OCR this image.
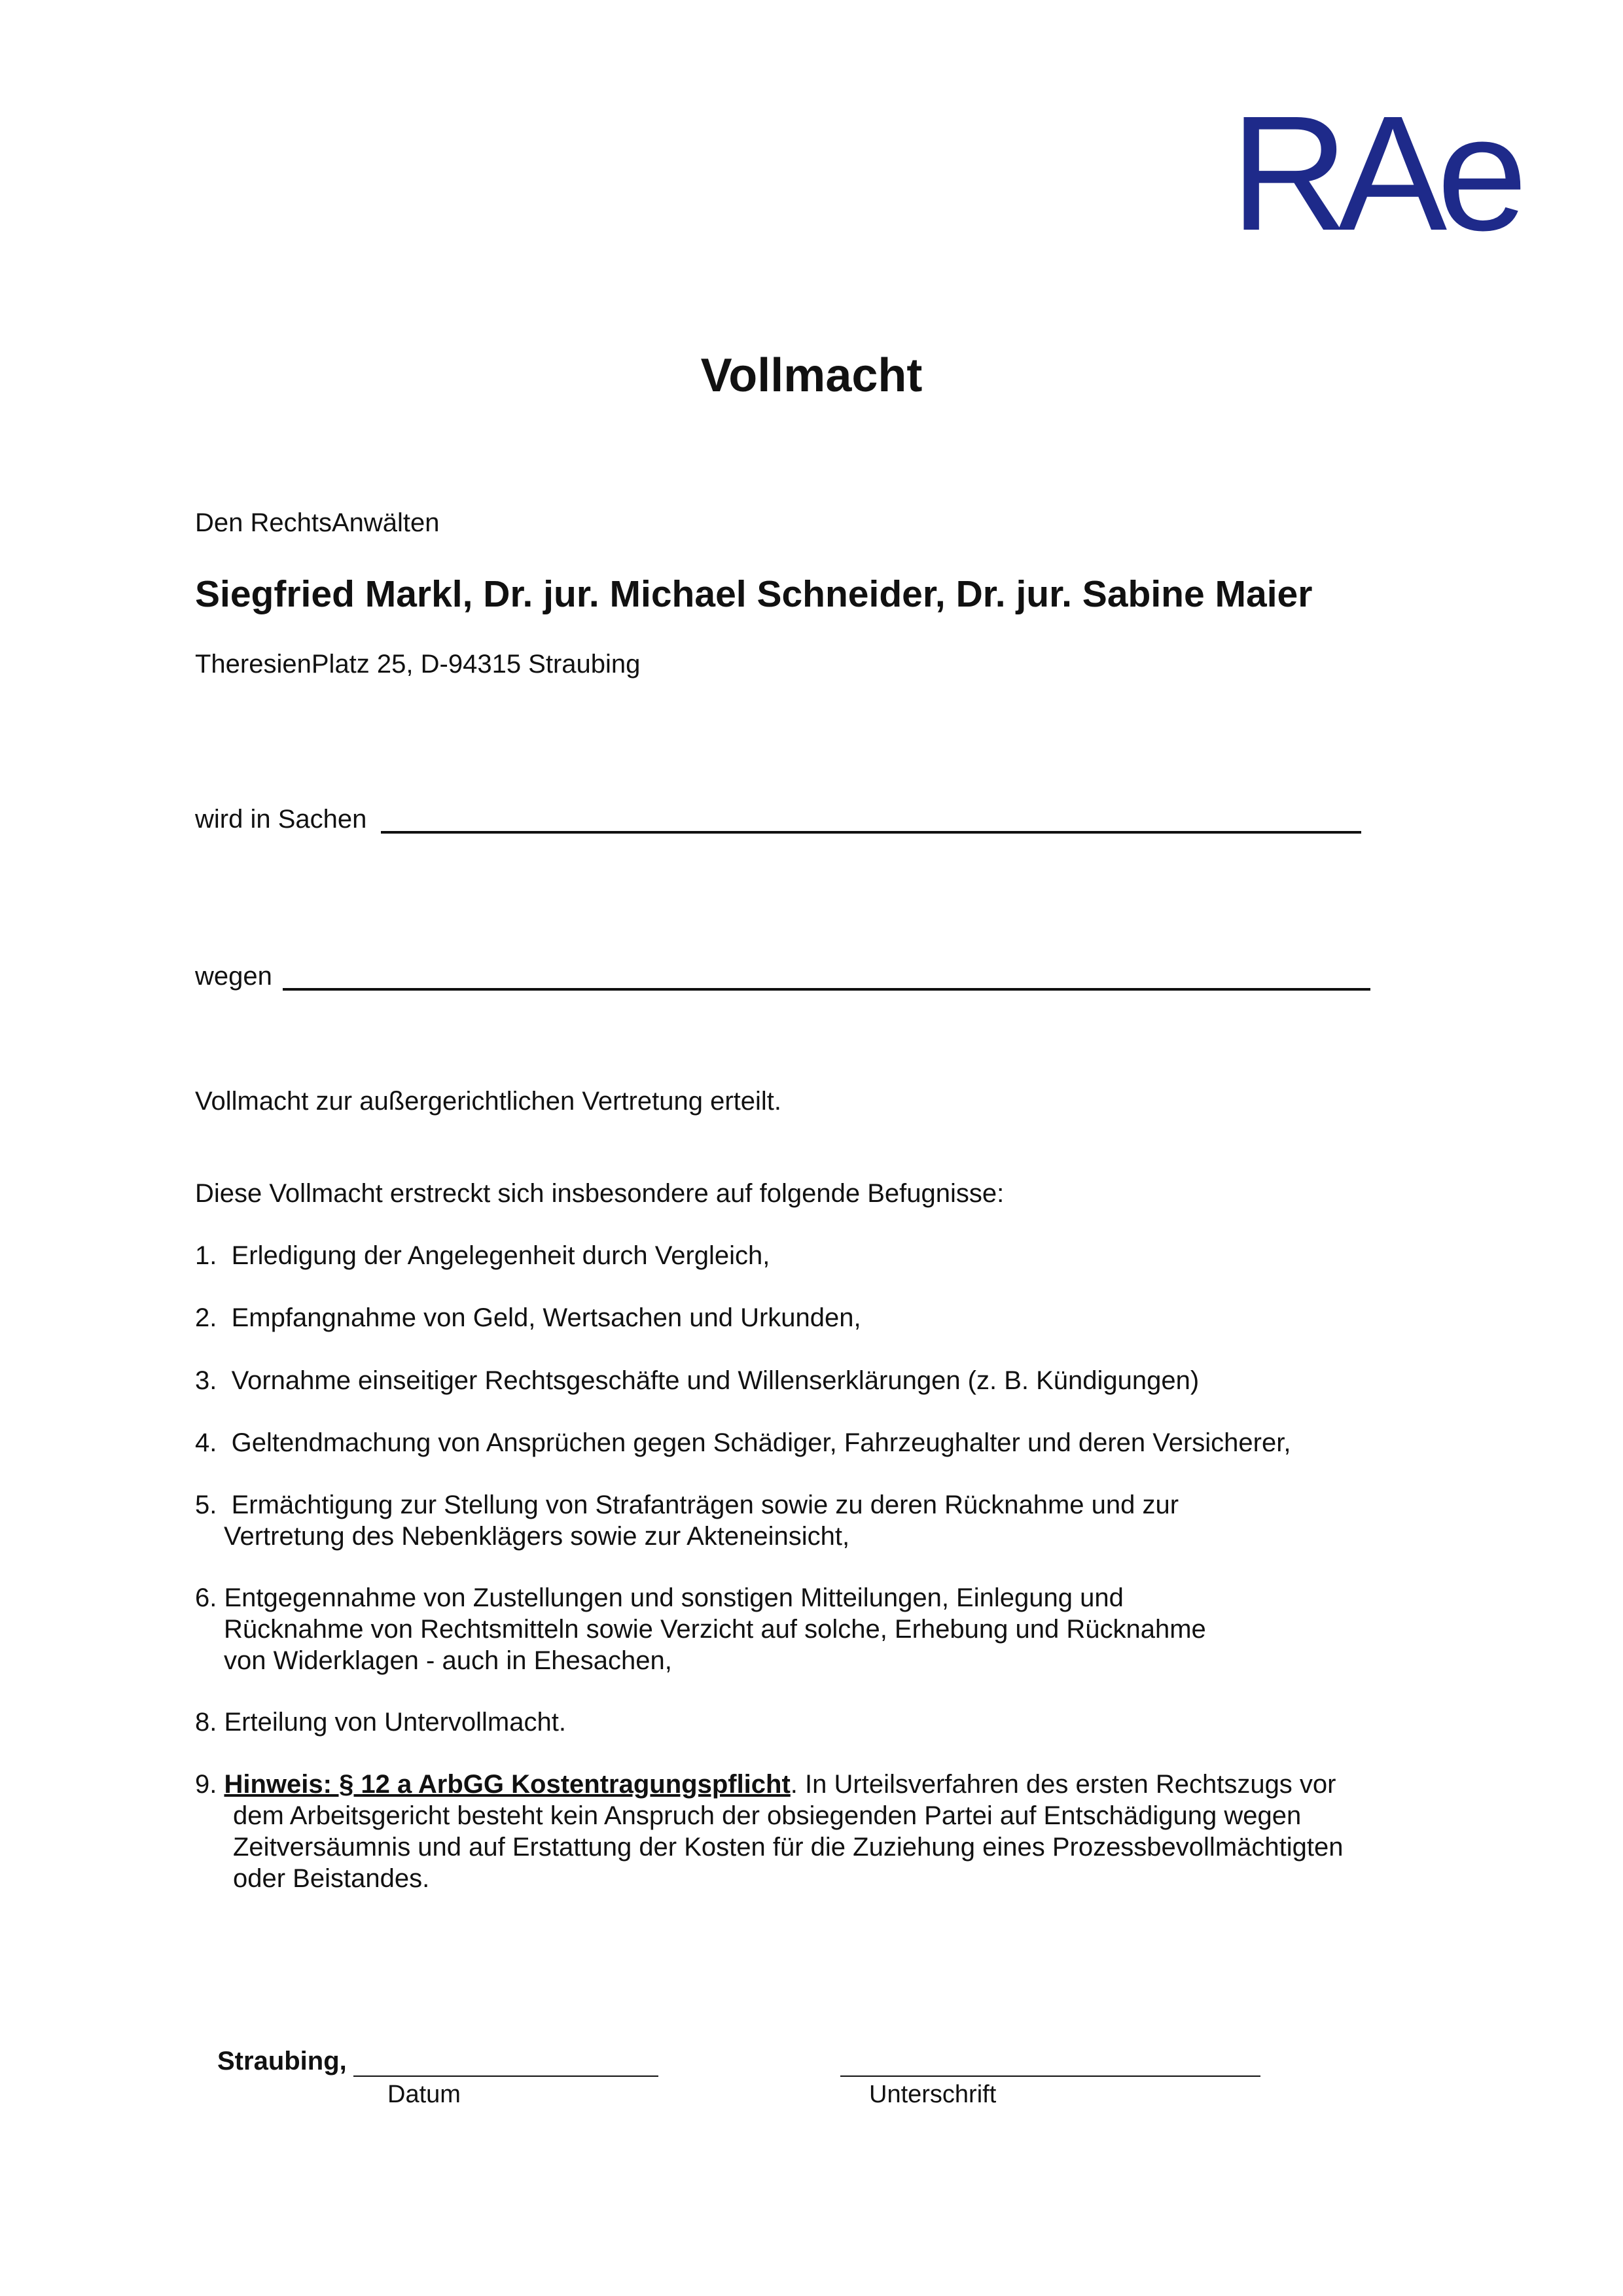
RAe
Vollmacht
Den RechtsAnwälten
Siegfried Markl, Dr. jur. Michael Schneider, Dr. jur. Sabine Maier
TheresienPlatz 25, D-94315 Straubing
wird in Sachen
wegen
Vollmacht zur außergerichtlichen Vertretung erteilt.
Diese Vollmacht erstreckt sich insbesondere auf folgende Befugnisse:
1. Erledigung der Angelegenheit durch Vergleich,
2. Empfangnahme von Geld, Wertsachen und Urkunden,
3. Vornahme einseitiger Rechtsgeschäfte und Willenserklärungen (z. B. Kündigungen)
4. Geltendmachung von Ansprüchen gegen Schädiger, Fahrzeughalter und deren Versicherer,
5. Ermächtigung zur Stellung von Strafanträgen sowie zu deren Rücknahme und zur
Vertretung des Nebenklägers sowie zur Akteneinsicht,
6. Entgegennahme von Zustellungen und sonstigen Mitteilungen, Einlegung und
Rücknahme von Rechtsmitteln sowie Verzicht auf solche, Erhebung und Rücknahme
von Widerklagen - auch in Ehesachen,
8. Erteilung von Untervollmacht.
9. Hinweis: § 12 a ArbGG Kostentragungspflicht. In Urteilsverfahren des ersten Rechtszugs vor
dem Arbeitsgericht besteht kein Anspruch der obsiegenden Partei auf Entschädigung wegen
Zeitversäumnis und auf Erstattung der Kosten für die Zuziehung eines Prozessbevollmächtigten
oder Beistandes.
Straubing,
Datum	Unterschrift
